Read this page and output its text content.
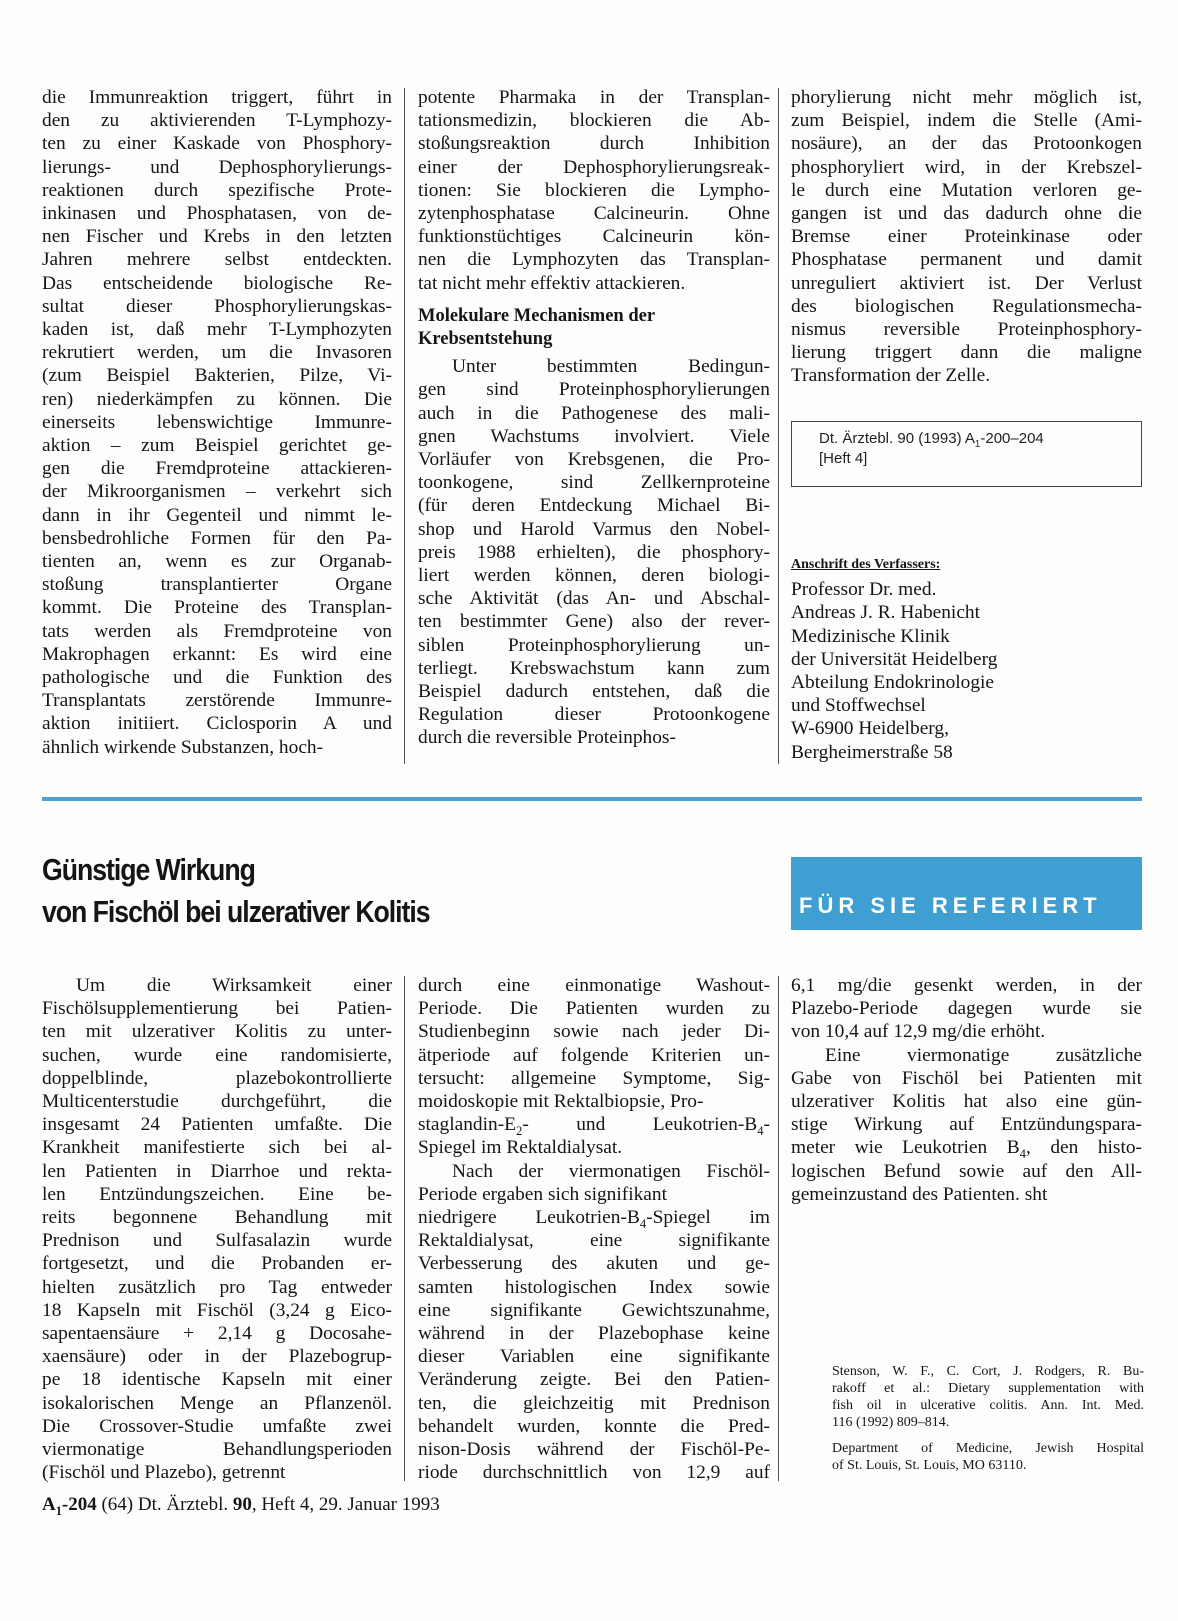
die Immunreaktion triggert, führt in
den zu aktivierenden T-Lymphozy-
ten zu einer Kaskade von Phosphory-
lierungs- und Dephosphorylierungs-
reaktionen durch spezifische Prote-
inkinasen und Phosphatasen, von de-
nen Fischer und Krebs in den letzten
Jahren mehrere selbst entdeckten.
Das entscheidende biologische Re-
sultat dieser Phosphorylierungskas-
kaden ist, daß mehr T-Lymphozyten
rekrutiert werden, um die Invasoren
(zum Beispiel Bakterien, Pilze, Vi-
ren) niederkämpfen zu können. Die
einerseits lebenswichtige Immunre-
aktion – zum Beispiel gerichtet ge-
gen die Fremdproteine attackieren-
der Mikroorganismen – verkehrt sich
dann in ihr Gegenteil und nimmt le-
bensbedrohliche Formen für den Pa-
tienten an, wenn es zur Organab-
stoßung transplantierter Organe
kommt. Die Proteine des Transplan-
tats werden als Fremdproteine von
Makrophagen erkannt: Es wird eine
pathologische und die Funktion des
Transplantats zerstörende Immunre-
aktion initiiert. Ciclosporin A und
ähnlich wirkende Substanzen, hoch-
potente Pharmaka in der Transplan-
tationsmedizin, blockieren die Ab-
stoßungsreaktion durch Inhibition
einer der Dephosphorylierungsreak-
tionen: Sie blockieren die Lympho-
zytenphosphatase Calcineurin. Ohne
funktionstüchtiges Calcineurin kön-
nen die Lymphozyten das Transplan-
tat nicht mehr effektiv attackieren.
Molekulare Mechanismen der
Krebsentstehung
Unter bestimmten Bedingun-
gen sind Proteinphosphorylierungen
auch in die Pathogenese des mali-
gnen Wachstums involviert. Viele
Vorläufer von Krebsgenen, die Pro-
toonkogene, sind Zellkernproteine
(für deren Entdeckung Michael Bi-
shop und Harold Varmus den Nobel-
preis 1988 erhielten), die phosphory-
liert werden können, deren biologi-
sche Aktivität (das An- und Abschal-
ten bestimmter Gene) also der rever-
siblen Proteinphosphorylierung un-
terliegt. Krebswachstum kann zum
Beispiel dadurch entstehen, daß die
Regulation dieser Protoonkogene
durch die reversible Proteinphos-
phorylierung nicht mehr möglich ist,
zum Beispiel, indem die Stelle (Ami-
nosäure), an der das Protoonkogen
phosphoryliert wird, in der Krebszel-
le durch eine Mutation verloren ge-
gangen ist und das dadurch ohne die
Bremse einer Proteinkinase oder
Phosphatase permanent und damit
unreguliert aktiviert ist. Der Verlust
des biologischen Regulationsmecha-
nismus reversible Proteinphosphory-
lierung triggert dann die maligne
Transformation der Zelle.
Dt. Ärztebl. 90 (1993) $A_1-200-204$
[Heft 4]
Anschrift des Verfassers:
Professor Dr. med.
Andreas J. R. Habenicht
Medizinische Klinik
der Universität Heidelberg
Abteilung Endokrinologie
und Stoffwechsel
W-6900 Heidelberg,
Bergheimerstraße 58
Günstige Wirkung
von Fischöl bei ulzerativer Kolitis	FÜR SIE REFERIERT
Um die Wirksamkeit einer
Fischölsupplementierung bei Patien-
ten mit ulzerativer Kolitis zu unter-
suchen, wurde eine randomisierte,
doppelblinde, plazebokontrollierte
Multicenterstudie durchgeführt, die
insgesamt 24 Patienten umfaßte. Die
Krankheit manifestierte sich bei al-
len Patienten in Diarrhoe und rekta-
len Entzündungszeichen. Eine be-
reits begonnene Behandlung mit
Prednison und Sulfasalazin wurde
fortgesetzt, und die Probanden er-
hielten zusätzlich pro Tag entweder
18 Kapseln mit Fischöl (3,24 g Eico-
sapentaensäure + 2,14 g Docosahe-
xaensäure) oder in der Plazebogrup-
pe 18 identische Kapseln mit einer
isokalorischen Menge an Pflanzenöl.
Die Crossover-Studie umfaßte zwei
viermonatige Behandlungsperioden
(Fischöl und Plazebo), getrennt
durch eine einmonatige Washout-
Periode. Die Patienten wurden zu
Studienbeginn sowie nach jeder Di-
ätperiode auf folgende Kriterien un-
tersucht: allgemeine Symptome, Sig-
moidoskopie mit Rektalbiopsie, Pro-
staglandin-$E_2-$ und Leukotrien-$B_4-$
Spiegel im Rektaldialysat.
Nach der viermonatigen Fischöl-
Periode ergaben sich signifikant
niedrigere Leukotrien-$B_4$-Spiegel im
Rektaldialysat, eine signifikante
Verbesserung des akuten und ge-
samten histologischen Index sowie
eine signifikante Gewichtszunahme,
während in der Plazebophase keine
dieser Variablen eine signifikante
Veränderung zeigte. Bei den Patien-
ten, die gleichzeitig mit Prednison
behandelt wurden, konnte die Pred-
nison-Dosis während der Fischöl-Pe-
riode durchschnittlich von 12,9 auf
6,1 mg/die gesenkt werden, in der
Plazebo-Periode dagegen wurde sie
von 10,4 auf 12,9 mg/die erhöht.
Eine viermonatige zusätzliche
Gabe von Fischöl bei Patienten mit
ulzerativer Kolitis hat also eine gün-
stige Wirkung auf Entzündungspara-
meter wie Leukotrien $B_4$, den histo-
logischen Befund sowie auf den All-
gemeinzustand des Patienten. sht
Stenson, W. F., C. Cort, J. Rodgers, R. Bu-
rakoff et al.: Dietary supplementation with
fish oil in ulcerative colitis. Ann. Int. Med.
116 (1992) 809–814.
Department of Medicine, Jewish Hospital
of St. Louis, St. Louis, MO 63110.
$A_1-204$ (64) Dt. Ärztebl. 90, Heft 4, 29. Januar 1993
